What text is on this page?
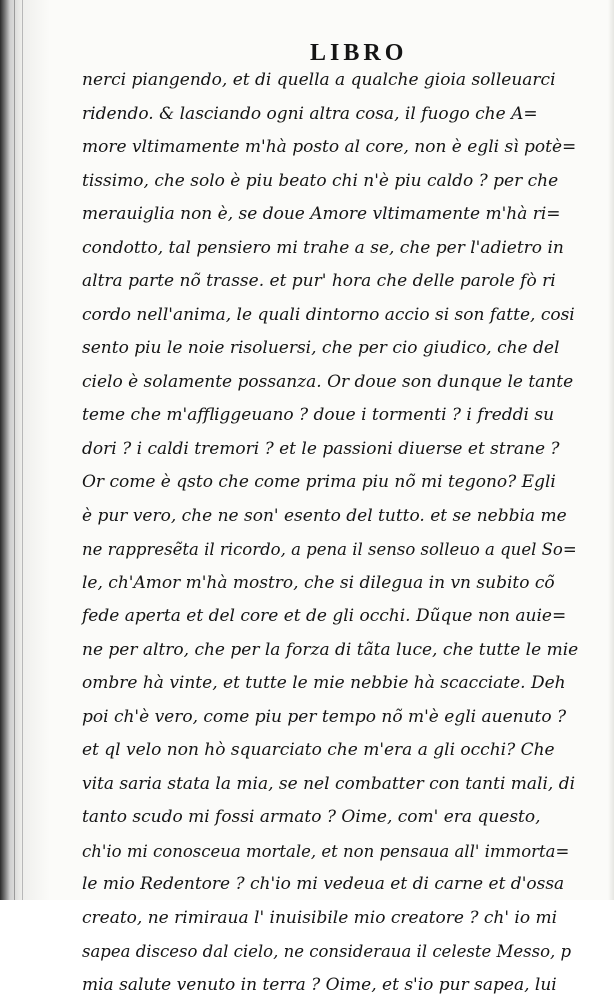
LIBRO
nerci piangendo, et di quella a qualche gioia solleuarci
ridendo. & lasciando ogni altra cosa, il fuogo che A=
more vltimamente m'hà posto al core, non è egli sì potè=
tissimo, che solo è piu beato chi n'è piu caldo ? per che
merauiglia non è, se doue Amore vltimamente m'hà ri=
condotto, tal pensiero mi trahe a se, che per l'adietro in
altra parte nõ trasse. et pur' hora che delle parole fò ri
cordo nell'anima, le quali dintorno accio si son fatte, cosi
sento piu le noie risoluersi, che per cio giudico, che del
cielo è solamente possanza. Or doue son dunque le tante
teme che m'affliggeuano ? doue i tormenti ? i freddi su
dori ? i caldi tremori ? et le passioni diuerse et strane ?
Or come è qsto che come prima piu nõ mi tegono? Egli
è pur vero, che ne son' esento del tutto. et se nebbia me
ne rappresẽta il ricordo, a pena il senso solleuo a quel So=
le, ch'Amor m'hà mostro, che si dilegua in vn subito cõ
fede aperta et del core et de gli occhi. Dũque non auie=
ne per altro, che per la forza di tãta luce, che tutte le mie
ombre hà vinte, et tutte le mie nebbie hà scacciate. Deh
poi ch'è vero, come piu per tempo nõ m'è egli auenuto ?
et ql velo non hò squarciato che m'era a gli occhi? Che
vita saria stata la mia, se nel combatter con tanti mali, di
tanto scudo mi fossi armato ? Oime, com' era questo,
ch'io mi conosceua mortale, et non pensaua all' immorta=
le mio Redentore ? ch'io mi vedeua et di carne et d'ossa
creato, ne rimiraua l' inuisibile mio creatore ? ch' io mi
sapea disceso dal cielo, ne consideraua il celeste Messo, p
mia salute venuto in terra ? Oime, et s'io pur sapea, lui
